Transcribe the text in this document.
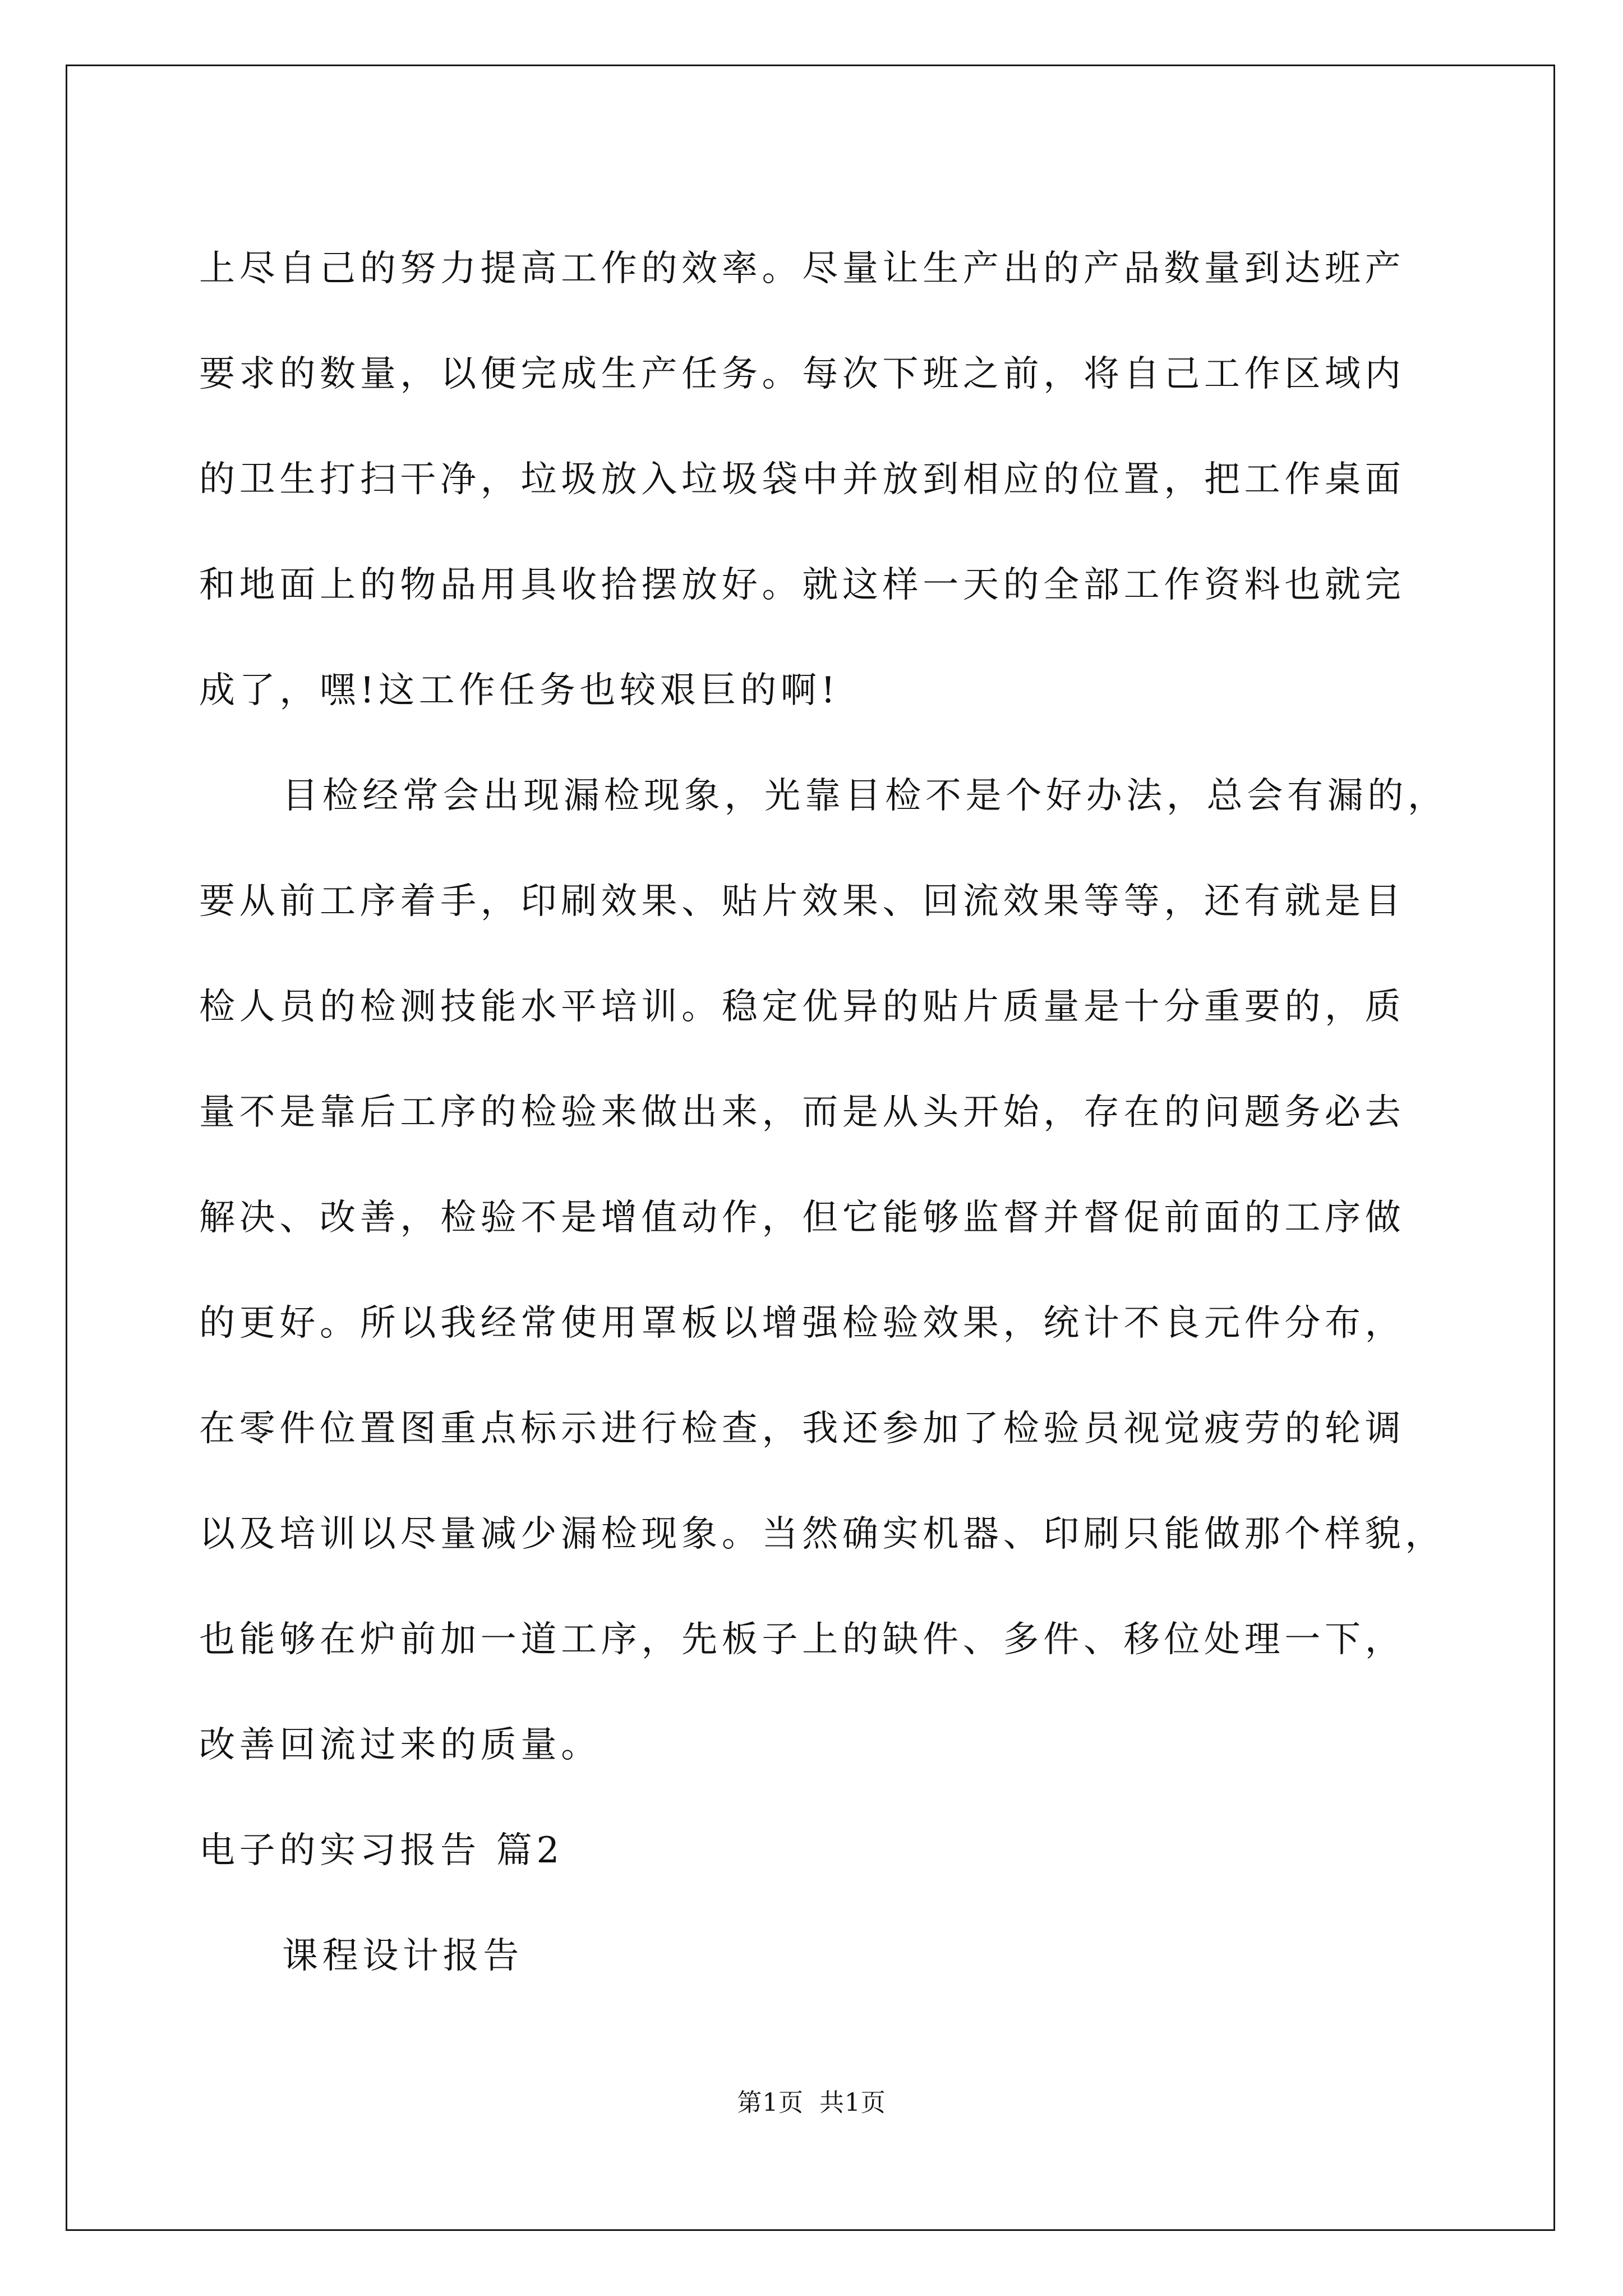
上尽自己的努力提高工作的效率。尽量让生产出的产品数量到达班产
要求的数量，以便完成生产任务。每次下班之前，将自己工作区域内
的卫生打扫干净，垃圾放入垃圾袋中并放到相应的位置，把工作桌面
和地面上的物品用具收拾摆放好。就这样一天的全部工作资料也就完
成了，嘿!这工作任务也较艰巨的啊!
目检经常会出现漏检现象，光靠目检不是个好办法，总会有漏的，
要从前工序着手，印刷效果、贴片效果、回流效果等等，还有就是目
检人员的检测技能水平培训。稳定优异的贴片质量是十分重要的，质
量不是靠后工序的检验来做出来，而是从头开始，存在的问题务必去
解决、改善，检验不是增值动作，但它能够监督并督促前面的工序做
的更好。所以我经常使用罩板以增强检验效果，统计不良元件分布，
在零件位置图重点标示进行检查，我还参加了检验员视觉疲劳的轮调
以及培训以尽量减少漏检现象。当然确实机器、印刷只能做那个样貌，
也能够在炉前加一道工序，先板子上的缺件、多件、移位处理一下，
改善回流过来的质量。
电子的实习报告 篇2
课程设计报告
第1页 共1页
